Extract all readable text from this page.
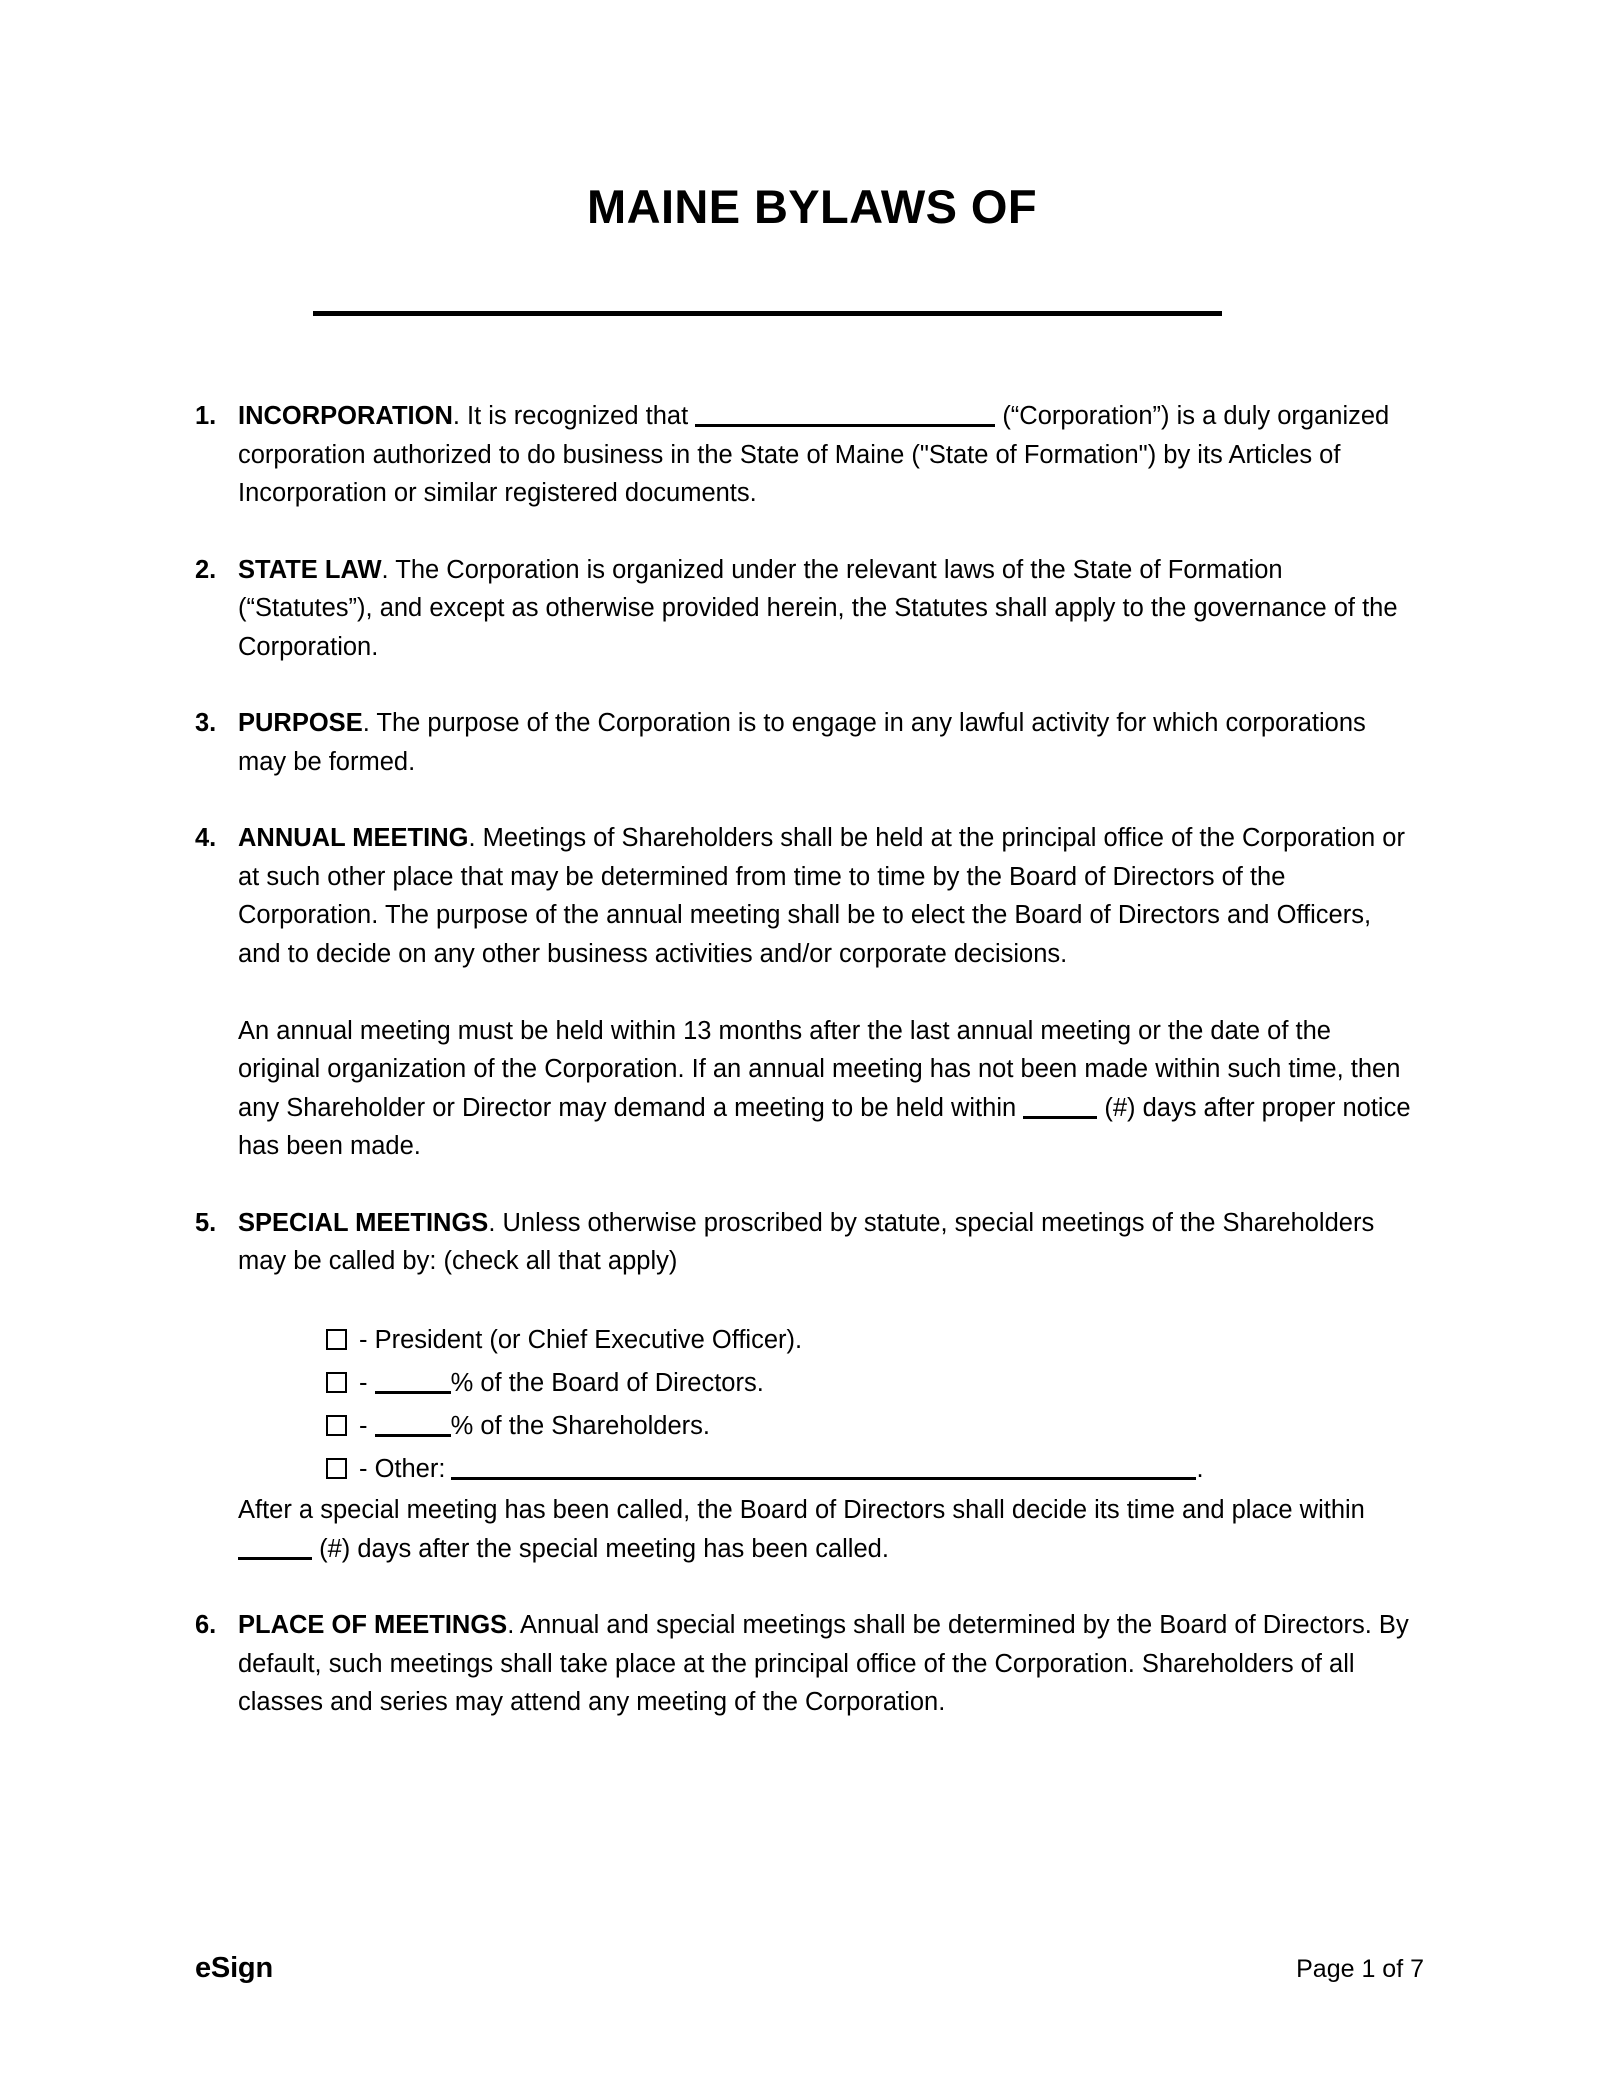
MAINE BYLAWS OF
1. INCORPORATION. It is recognized that	(“Corporation”) is a duly organized corporation authorized to do business in the State of Maine ("State of Formation") by its Articles of Incorporation or similar registered documents.

2. STATE LAW. The Corporation is organized under the relevant laws of the State of Formation (“Statutes”), and except as otherwise provided herein, the Statutes shall apply to the governance of the Corporation.

3. PURPOSE. The purpose of the Corporation is to engage in any lawful activity for which corporations may be formed.

4. ANNUAL MEETING. Meetings of Shareholders shall be held at the principal office of the Corporation or at such other place that may be determined from time to time by the Board of Directors of the Corporation. The purpose of the annual meeting shall be to elect the Board of Directors and Officers, and to decide on any other business activities and/or corporate decisions.

An annual meeting must be held within 13 months after the last annual meeting or the date of the original organization of the Corporation. If an annual meeting has not been made within such time, then any Shareholder or Director may demand a meeting to be held within	(#) days after proper notice has been made.

5. SPECIAL MEETINGS. Unless otherwise proscribed by statute, special meetings of the Shareholders may be called by: (check all that apply)

- President (or Chief Executive Officer).
-	% of the Board of Directors.
-	% of the Shareholders.
- Other:	.

After a special meeting has been called, the Board of Directors shall decide its time and place within  (#) days after the special meeting has been called.

6. PLACE OF MEETINGS. Annual and special meetings shall be determined by the Board of Directors. By default, such meetings shall take place at the principal office of the Corporation. Shareholders of all classes and series may attend any meeting of the Corporation.

eSign	Page 1 of 7
